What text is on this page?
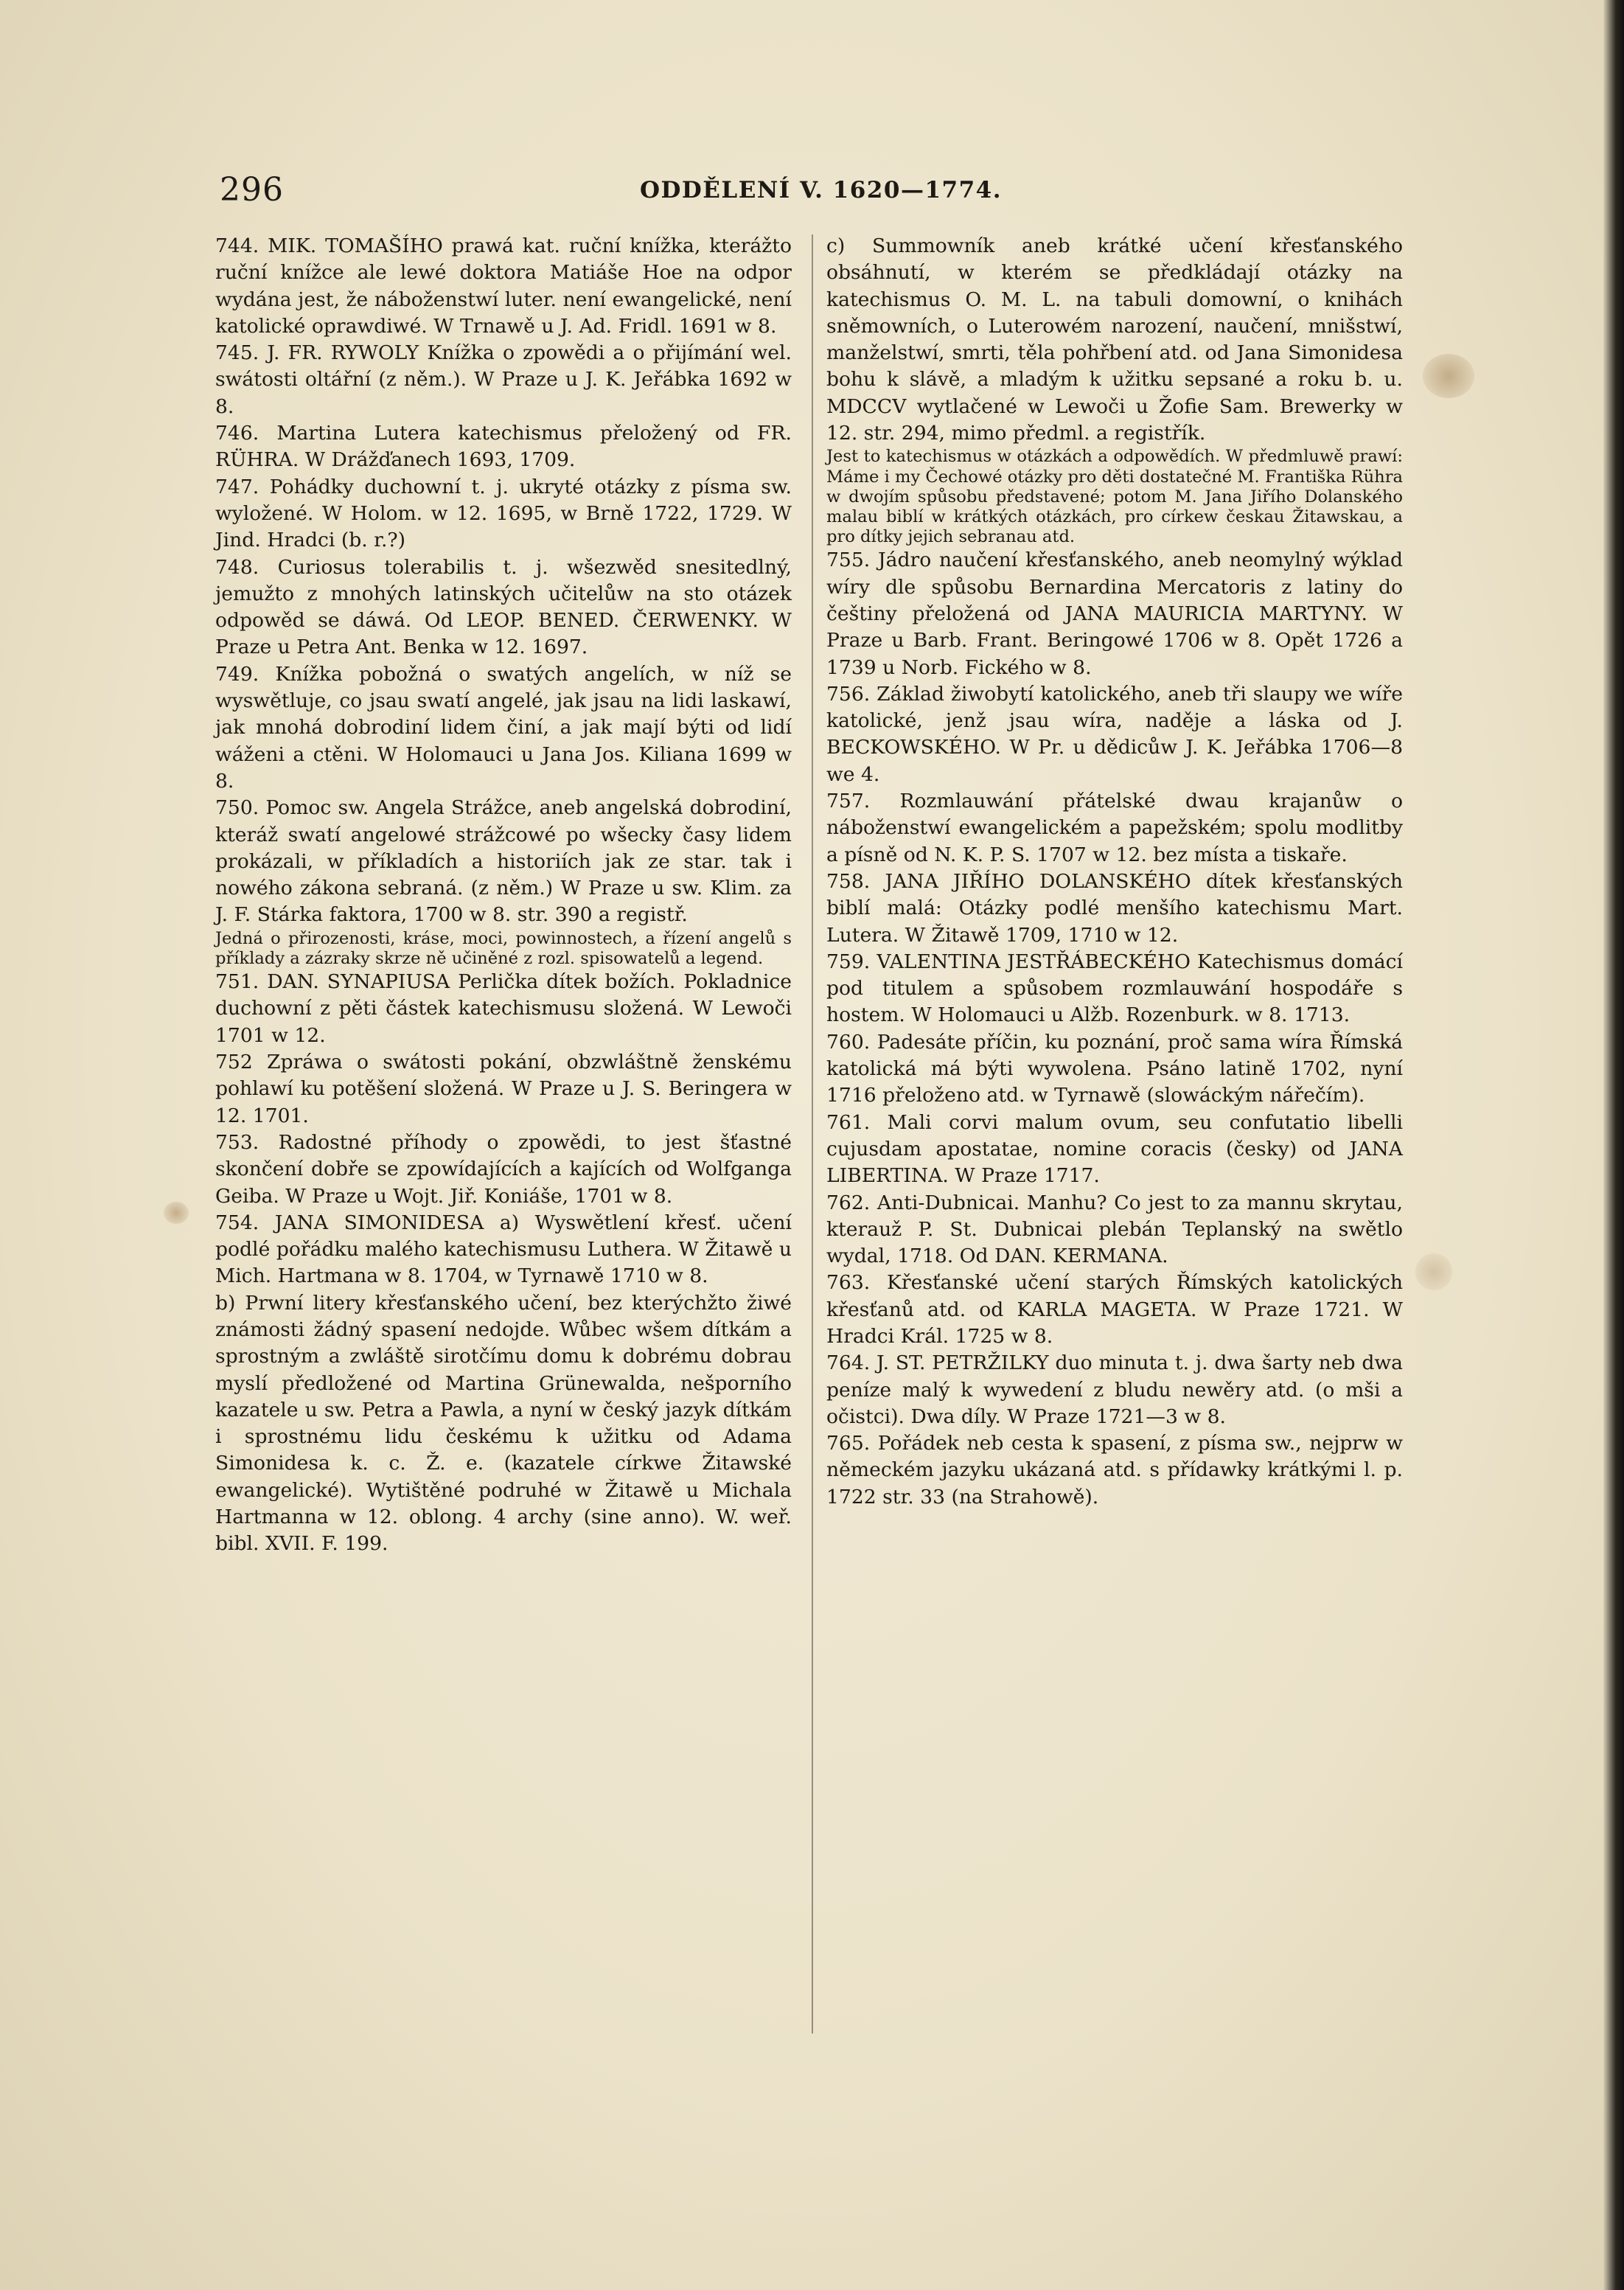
296	ODDĚLENÍ V. 1620—1774.

744. MIK. TOMAŠÍHO prawá kat. ruční knížka, kterážto ruční knížce ale lewé doktora Matiáše Hoe na odpor wydána jest, že náboženstwí luter. není ewangelické, není katolické oprawdiwé. W Trnawě u J. Ad. Fridl. 1691 w 8.

745. J. FR. RYWOLY Knížka o zpowědi a o přijímání wel. swátosti oltářní (z něm.). W Praze u J. K. Jeřábka 1692 w 8.

746. Martina Lutera katechismus přeložený od FR. RÜHRA. W Drážďanech 1693, 1709.

747. Pohádky duchowní t. j. ukryté otázky z písma sw. wyložené. W Holom. w 12. 1695, w Brně 1722, 1729. W Jind. Hradci (b. r.?)

748. Curiosus tolerabilis t. j. wšezwěd snesitedlný, jemužto z mnohých latinských učitelůw na sto otázek odpowěd se dáwá. Od LEOP. BENED. ČERWENKY. W Praze u Petra Ant. Benka w 12. 1697.

749. Knížka pobožná o swatých angelích, w níž se wyswětluje, co jsau swatí angelé, jak jsau na lidi laskawí, jak mnohá dobrodiní lidem činí, a jak mají býti od lidí wáženi a ctěni. W Holomauci u Jana Jos. Kiliana 1699 w 8.

750. Pomoc sw. Angela Strážce, aneb angelská dobrodiní, kteráž swatí angelowé strážcowé po wšecky časy lidem prokázali, w příkladích a historiích jak ze star. tak i nowého zákona sebraná. (z něm.) W Praze u sw. Klim. za J. F. Stárka faktora, 1700 w 8. str. 390 a registř.

Jedná o přirozenosti, kráse, moci, powinnostech, a řízení angelů s příklady a zázraky skrze ně učiněné z rozl. spisowatelů a legend.

751. DAN. SYNAPIUSA Perlička dítek božích. Pokladnice duchowní z pěti částek katechismusu složená. W Lewoči 1701 w 12.

752 Zpráwa o swátosti pokání, obzwláštně ženskému pohlawí ku potěšení složená. W Praze u J. S. Beringera w 12. 1701.

753. Radostné příhody o zpowědi, to jest šťastné skončení dobře se zpowídajících a kajících od Wolfganga Geiba. W Praze u Wojt. Jiř. Koniáše, 1701 w 8.

754. JANA SIMONIDESA a) Wyswětlení křesť. učení podlé pořádku malého katechismusu Luthera. W Žitawě u Mich. Hartmana w 8. 1704, w Tyrnawě 1710 w 8.

b) Prwní litery křesťanského učení, bez kterýchžto žiwé známosti žádný spasení nedojde. Wůbec wšem dítkám a sprostným a zwláště sirotčímu domu k dobrému dobrau myslí předložené od Martina Grünewalda, nešporního kazatele u sw. Petra a Pawla, a nyní w český jazyk dítkám i sprostnému lidu českému k užitku od Adama Simonidesa k. c. Ž. e. (kazatele církwe Žitawské ewangelické). Wytištěné podruhé w Žitawě u Michala Hartmanna w 12. oblong. 4 archy (sine anno). W. weř. bibl. XVII. F. 199.

c) Summowník aneb krátké učení křesťanského obsáhnutí, w kterém se předkládají otázky na katechismus O. M. L. na tabuli domowní, o knihách sněmowních, o Luterowém narození, naučení, mnišstwí, manželstwí, smrti, těla pohřbení atd. od Jana Simonidesa bohu k slávě, a mladým k užitku sepsané a roku b. u. MDCCV wytlačené w Lewoči u Žofie Sam. Brewerky w 12. str. 294, mimo předml. a registřík.

Jest to katechismus w otázkách a odpowědích. W předmluwě prawí: Máme i my Čechowé otázky pro děti dostatečné M. Františka Rühra w dwojím spůsobu představené; potom M. Jana Jiřího Dolanského malau biblí w krátkých otázkách, pro církew českau Žitawskau, a pro dítky jejich sebranau atd.

755. Jádro naučení křesťanského, aneb neomylný wýklad wíry dle spůsobu Bernardina Mercatoris z latiny do češtiny přeložená od JANA MAURICIA MARTYNY. W Praze u Barb. Frant. Beringowé 1706 w 8. Opět 1726 a 1739 u Norb. Fického w 8.

756. Základ žiwobytí katolického, aneb tři slaupy we wíře katolické, jenž jsau wíra, naděje a láska od J. BECKOWSKÉHO. W Pr. u dědicůw J. K. Jeřábka 1706—8 we 4.

757. Rozmlauwání přátelské dwau krajanůw o náboženstwí ewangelickém a papežském; spolu modlitby a písně od N. K. P. S. 1707 w 12. bez místa a tiskaře.

758. JANA JIŘÍHO DOLANSKÉHO dítek křesťanských biblí malá: Otázky podlé menšího katechismu Mart. Lutera. W Žitawě 1709, 1710 w 12.

759. VALENTINA JESTŘÁBECKÉHO Katechismus domácí pod titulem a spůsobem rozmlauwání hospodáře s hostem. W Holomauci u Alžb. Rozenburk. w 8. 1713.

760. Padesáte příčin, ku poznání, proč sama wíra Římská katolická má býti wywolena. Psáno latině 1702, nyní 1716 přeloženo atd. w Tyrnawě (slowáckým nářečím).

761. Mali corvi malum ovum, seu confutatio libelli cujusdam apostatae, nomine coracis (česky) od JANA LIBERTINA. W Praze 1717.

762. Anti-Dubnicai. Manhu? Co jest to za mannu skrytau, kterauž P. St. Dubnicai plebán Teplanský na swětlo wydal, 1718. Od DAN. KERMANA.

763. Křesťanské učení starých Římských katolických křesťanů atd. od KARLA MAGETA. W Praze 1721. W Hradci Král. 1725 w 8.

764. J. ST. PETRŽILKY duo minuta t. j. dwa šarty neb dwa peníze malý k wywedení z bludu newěry atd. (o mši a očistci). Dwa díly. W Praze 1721—3 w 8.

765. Pořádek neb cesta k spasení, z písma sw., nejprw w německém jazyku ukázaná atd. s přídawky krátkými l. p. 1722 str. 33 (na Strahowě).
